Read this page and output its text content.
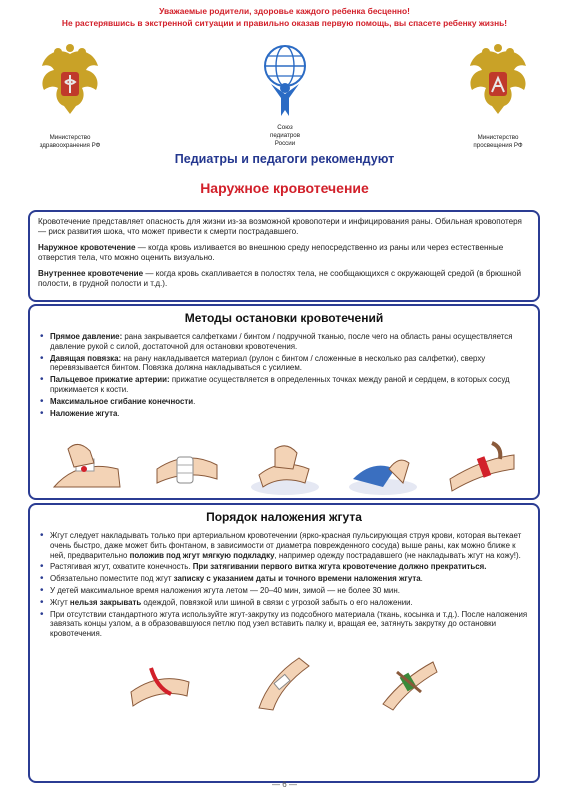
Уважаемые родители, здоровье каждого ребенка бесценно!
Не растерявшись в экстренной ситуации и правильно оказав первую помощь, вы спасете ребенку жизнь!
Министерство
здравоохранения РФ
Союз
педиатров
России
Министерство
просвещения РФ
Педиатры и педагоги рекомендуют
Наружное кровотечение

Кровотечение представляет опасность для жизни из-за возможной кровопотери и инфицирования раны. Обильная кровопотеря — риск развития шока, что может привести к смерти пострадавшего.

Наружное кровотечение — когда кровь изливается во внешнюю среду непосредственно из раны или через естественные отверстия тела, что можно оценить визуально.

Внутреннее кровотечение — когда кровь скапливается в полостях тела, не сообщающихся с окружающей средой (в брюшной полости, в грудной полости и т.д.).

Методы остановки кровотечений
• Прямое давление: рана закрывается салфетками / бинтом / подручной тканью, после чего на область раны осуществляется давление рукой с силой, достаточной для остановки кровотечения.
• Давящая повязка: на рану накладывается материал (рулон с бинтом / сложенные в несколько раз салфетки), сверху перевязывается бинтом. Повязка должна накладываться с усилием.
• Пальцевое прижатие артерии: прижатие осуществляется в определенных точках между раной и сердцем, в которых сосуд прижимается к кости.
• Максимальное сгибание конечности.
• Наложение жгута.
Порядок наложения жгута
• Жгут следует накладывать только при артериальном кровотечении (ярко-красная пульсирующая струя крови, которая вытекает очень быстро, даже может бить фонтаном, в зависимости от диаметра поврежденного сосуда) выше раны, как можно ближе к ней, предварительно положив под жгут мягкую подкладку, например одежду пострадавшего (не накладывать жгут на кожу!).
• Растягивая жгут, охватите конечность. При затягивании первого витка жгута кровотечение должно прекратиться.
• Обязательно поместите под жгут записку с указанием даты и точного времени наложения жгута.
• У детей максимальное время наложения жгута летом — 20–40 мин, зимой — не более 30 мин.
• Жгут нельзя закрывать одеждой, повязкой или шиной в связи с угрозой забыть о его наложении.
• При отсутствии стандартного жгута используйте жгут-закрутку из подсобного материала (ткань, косынка и т.д.). После наложения завязать концы узлом, а в образовавшуюся петлю под узел вставить палку и, вращая ее, затянуть закрутку до остановки кровотечения.
— 6 —
